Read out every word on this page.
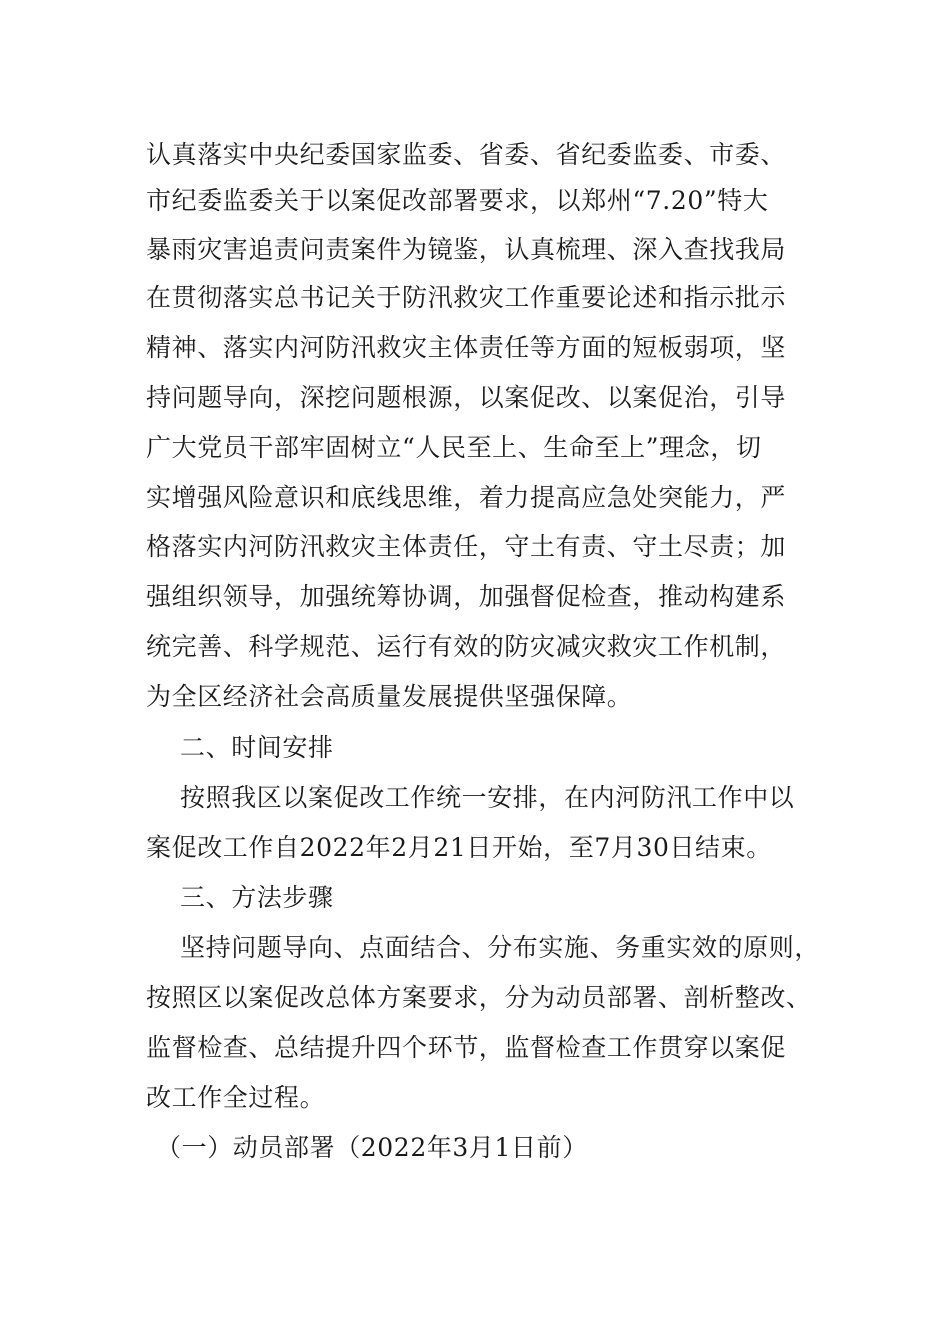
认真落实中央纪委国家监委、省委、省纪委监委、市委、
市纪委监委关于以案促改部署要求，以郑州“7.20”特大
暴雨灾害追责问责案件为镜鉴，认真梳理、深入查找我局
在贯彻落实总书记关于防汛救灾工作重要论述和指示批示
精神、落实内河防汛救灾主体责任等方面的短板弱项，坚
持问题导向，深挖问题根源，以案促改、以案促治，引导
广大党员干部牢固树立“人民至上、生命至上”理念，切
实增强风险意识和底线思维，着力提高应急处突能力，严
格落实内河防汛救灾主体责任，守土有责、守土尽责；加
强组织领导，加强统筹协调，加强督促检查，推动构建系
统完善、科学规范、运行有效的防灾减灾救灾工作机制，
为全区经济社会高质量发展提供坚强保障。
二、时间安排
按照我区以案促改工作统一安排，在内河防汛工作中以
案促改工作自2022年2月21日开始，至7月30日结束。
三、方法步骤
坚持问题导向、点面结合、分布实施、务重实效的原则，
按照区以案促改总体方案要求，分为动员部署、剖析整改、
监督检查、总结提升四个环节，监督检查工作贯穿以案促
改工作全过程。
（一）动员部署（2022年3月1日前）
